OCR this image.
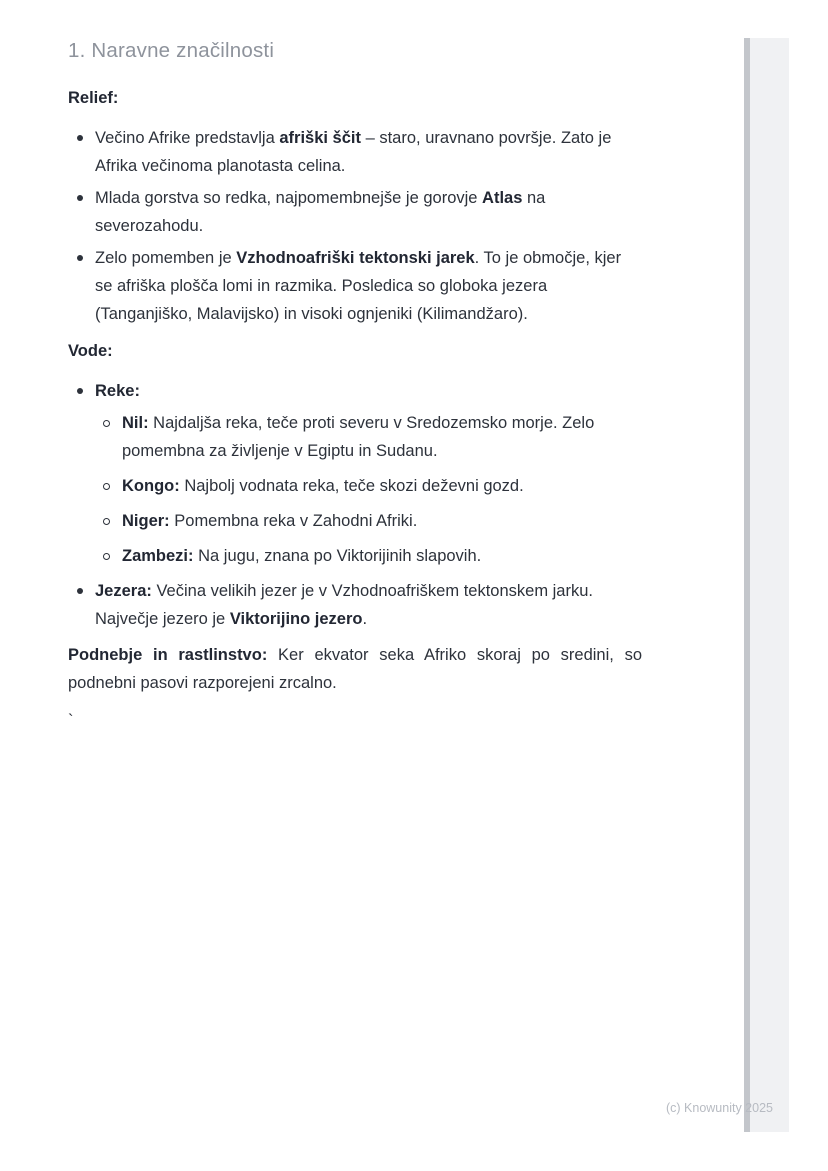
1. Naravne značilnosti
Relief:
Večino Afrike predstavlja afriški ščit – staro, uravnano površje. Zato je Afrika večinoma planotasta celina.
Mlada gorstva so redka, najpomembnejše je gorovje Atlas na severozahodu.
Zelo pomemben je Vzhodnoafriški tektonski jarek. To je območje, kjer se afriška plošča lomi in razmika. Posledica so globoka jezera (Tanganjiško, Malavijsko) in visoki ognjeniki (Kilimandžaro).
Vode:
Reke:
Nil: Najdaljša reka, teče proti severu v Sredozemsko morje. Zelo pomembna za življenje v Egiptu in Sudanu.
Kongo: Najbolj vodnata reka, teče skozi deževni gozd.
Niger: Pomembna reka v Zahodni Afriki.
Zambezi: Na jugu, znana po Viktorijinih slapovih.
Jezera: Večina velikih jezer je v Vzhodnoafriškem tektonskem jarku. Največje jezero je Viktorijino jezero.

Podnebje in rastlinstvo: Ker ekvator seka Afriko skoraj po sredini, so podnebni pasovi razporejeni zrcalno.

`

(c) Knowunity 2025
